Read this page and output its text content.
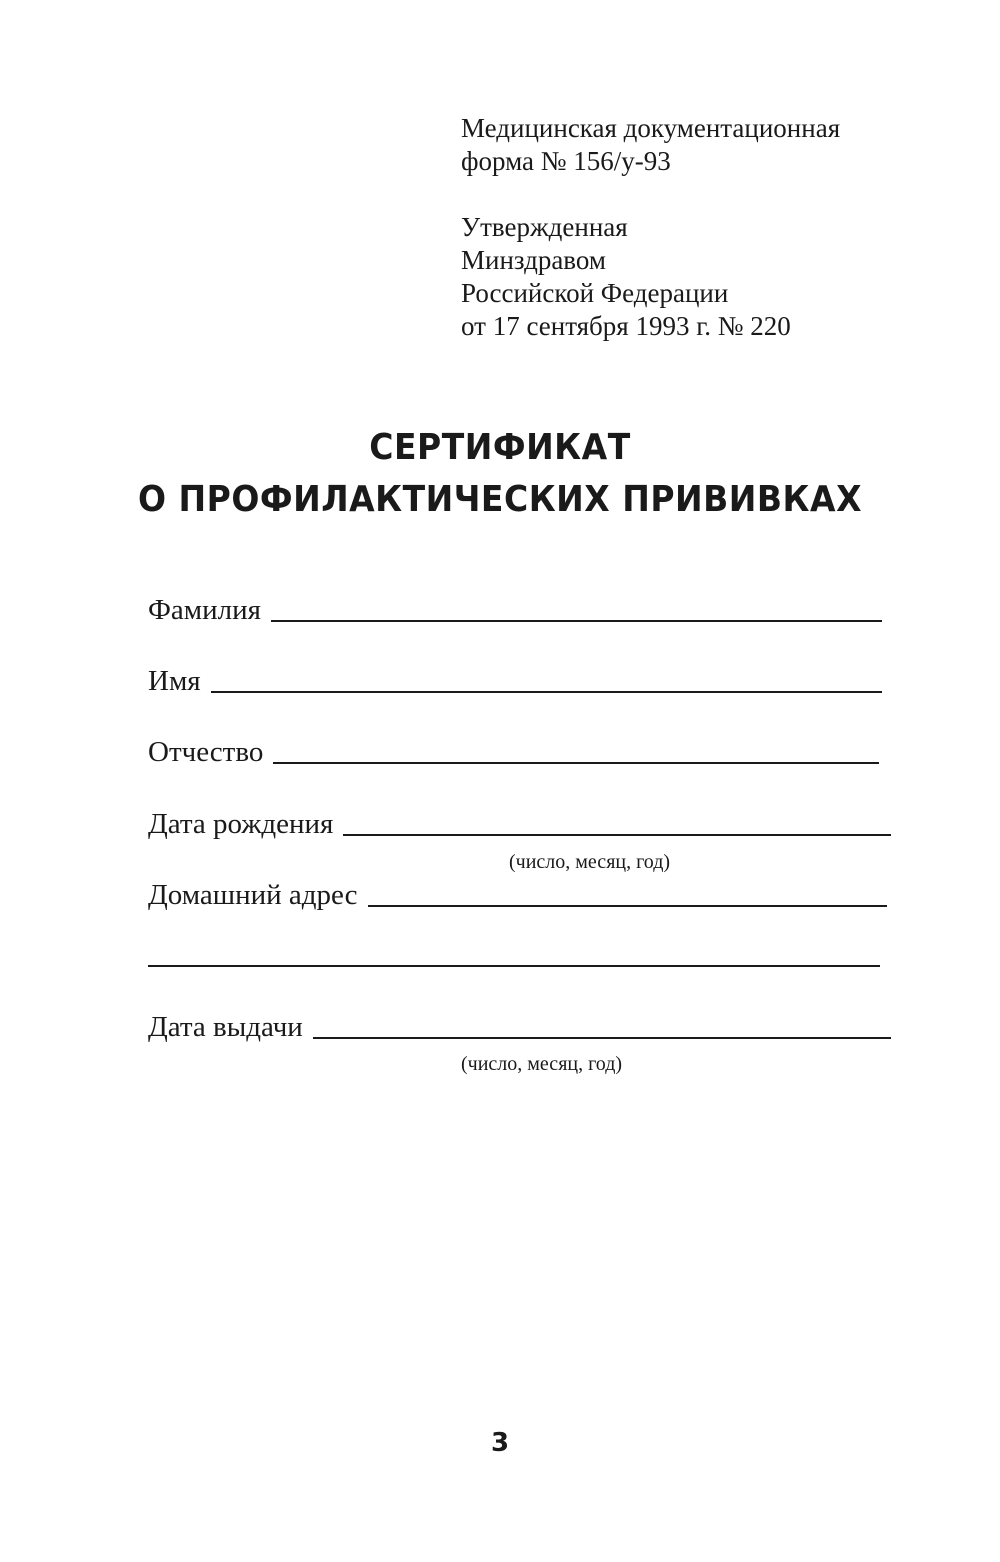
Медицинская документационная
форма № 156/у-93
Утвержденная
Минздравом
Российской Федерации
от 17 сентября 1993 г. № 220
СЕРТИФИКАТ
О ПРОФИЛАКТИЧЕСКИХ ПРИВИВКАХ
Фамилия
Имя
Отчество
Дата рождения
(число, месяц, год)
Домашний адрес
Дата выдачи
(число, месяц, год)
3
